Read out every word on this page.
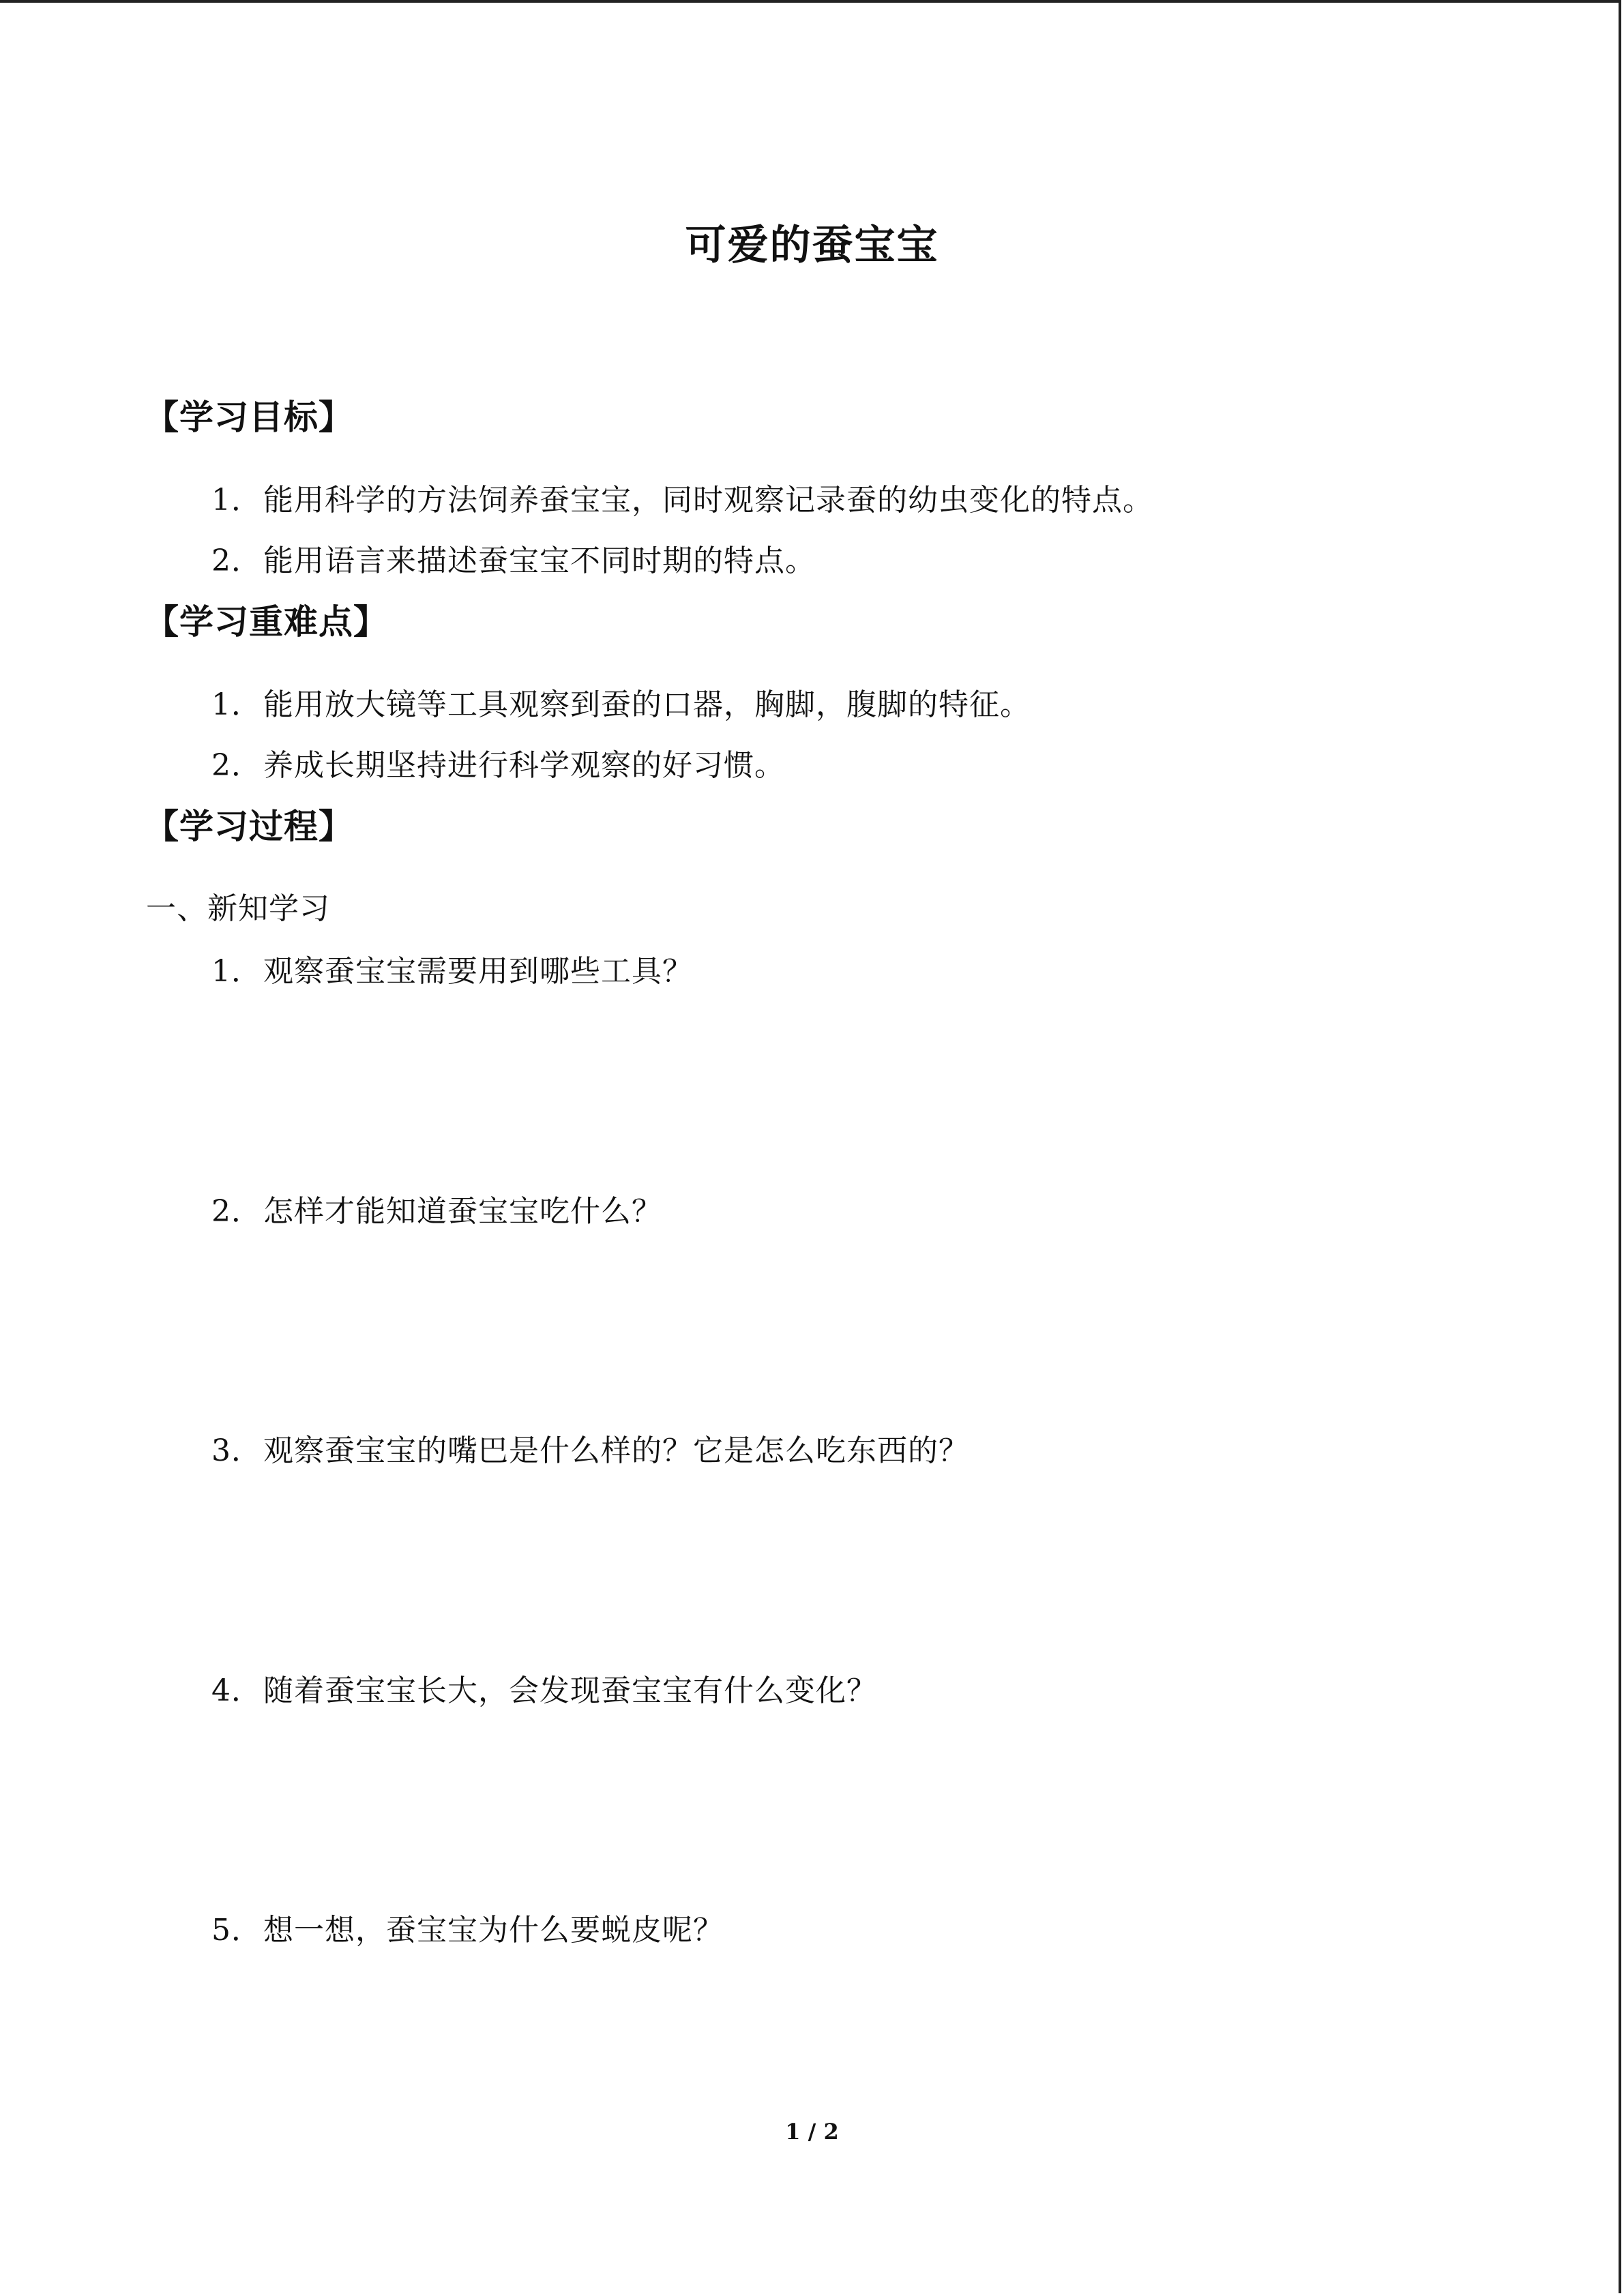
可爱的蚕宝宝
【学习目标】
1．能用科学的方法饲养蚕宝宝，同时观察记录蚕的幼虫变化的特点。
2．能用语言来描述蚕宝宝不同时期的特点。
【学习重难点】
1．能用放大镜等工具观察到蚕的口器，胸脚，腹脚的特征。
2．养成长期坚持进行科学观察的好习惯。
【学习过程】
一、新知学习
1．观察蚕宝宝需要用到哪些工具？
2．怎样才能知道蚕宝宝吃什么？
3．观察蚕宝宝的嘴巴是什么样的？它是怎么吃东西的？
4．随着蚕宝宝长大，会发现蚕宝宝有什么变化？
5．想一想，蚕宝宝为什么要蜕皮呢？
1 / 2
